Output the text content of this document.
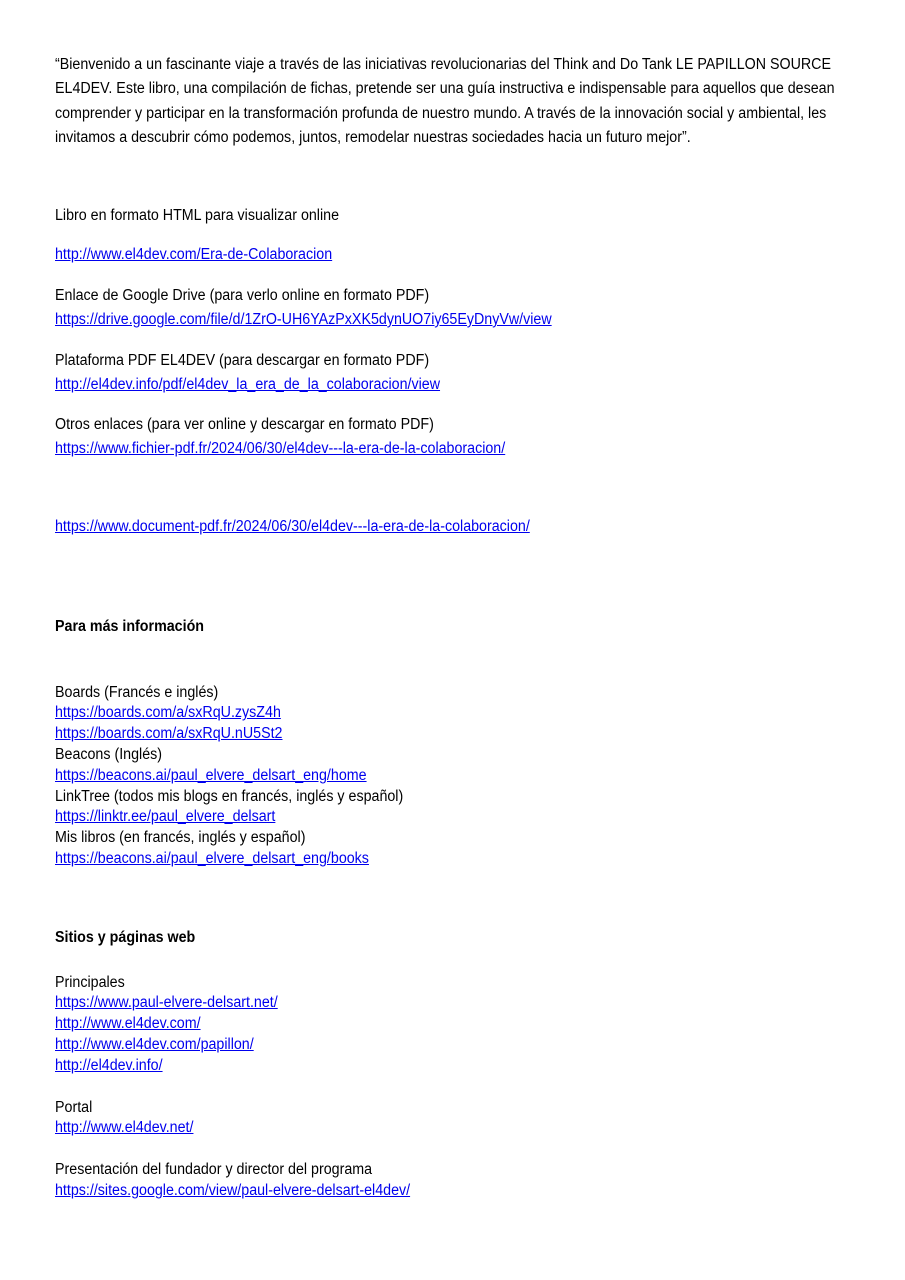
“Bienvenido a un fascinante viaje a través de las iniciativas revolucionarias del Think and Do Tank LE PAPILLON SOURCE EL4DEV. Este libro, una compilación de fichas, pretende ser una guía instructiva e indispensable para aquellos que desean comprender y participar en la transformación profunda de nuestro mundo. A través de la innovación social y ambiental, les invitamos a descubrir cómo podemos, juntos, remodelar nuestras sociedades hacia un futuro mejor”.

Libro en formato HTML para visualizar online
http://www.el4dev.com/Era-de-Colaboracion
Enlace de Google Drive (para verlo online en formato PDF)
https://drive.google.com/file/d/1ZrO-UH6YAzPxXK5dynUO7iy65EyDnyVw/view
Plataforma PDF EL4DEV (para descargar en formato PDF)
http://el4dev.info/pdf/el4dev_la_era_de_la_colaboracion/view
Otros enlaces (para ver online y descargar en formato PDF)
https://www.fichier-pdf.fr/2024/06/30/el4dev---la-era-de-la-colaboracion/
https://www.document-pdf.fr/2024/06/30/el4dev---la-era-de-la-colaboracion/
Para más información
Boards (Francés e inglés)
https://boards.com/a/sxRqU.zysZ4h
https://boards.com/a/sxRqU.nU5St2
Beacons (Inglés)
https://beacons.ai/paul_elvere_delsart_eng/home
LinkTree (todos mis blogs en francés, inglés y español)
https://linktr.ee/paul_elvere_delsart
Mis libros (en francés, inglés y español)
https://beacons.ai/paul_elvere_delsart_eng/books
Sitios y páginas web
Principales
https://www.paul-elvere-delsart.net/
http://www.el4dev.com/
http://www.el4dev.com/papillon/
http://el4dev.info/
Portal
http://www.el4dev.net/
Presentación del fundador y director del programa
https://sites.google.com/view/paul-elvere-delsart-el4dev/
